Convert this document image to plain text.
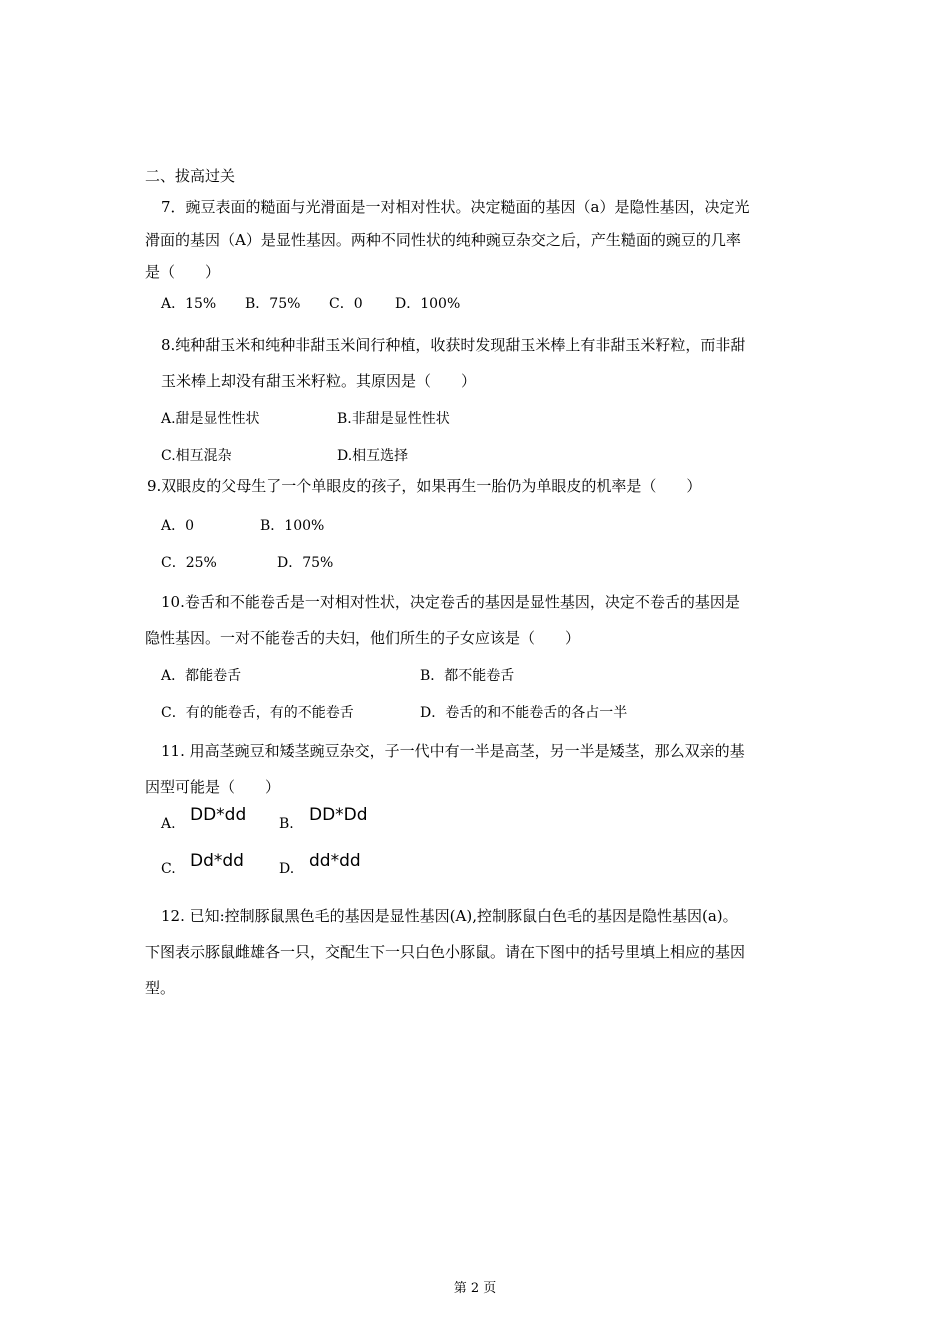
二、拔高过关
7．豌豆表面的糙面与光滑面是一对相对性状。决定糙面的基因（a）是隐性基因，决定光
滑面的基因（A）是显性基因。两种不同性状的纯种豌豆杂交之后，产生糙面的豌豆的几率
是（　　）
A．15% B．75% C．0 D．100%
8.纯种甜玉米和纯种非甜玉米间行种植，收获时发现甜玉米棒上有非甜玉米籽粒，而非甜
玉米棒上却没有甜玉米籽粒。其原因是（　　）
A.甜是显性性状	B.非甜是显性性状
C.相互混杂	D.相互选择
9.双眼皮的父母生了一个单眼皮的孩子，如果再生一胎仍为单眼皮的机率是（　　）
A．0	B．100%
C．25%	D．75%
10.卷舌和不能卷舌是一对相对性状，决定卷舌的基因是显性基因，决定不卷舌的基因是
隐性基因。一对不能卷舌的夫妇，他们所生的子女应该是（　　）
A．都能卷舌	B．都不能卷舌
C．有的能卷舌，有的不能卷舌	D．卷舌的和不能卷舌的各占一半
11. 用高茎豌豆和矮茎豌豆杂交，子一代中有一半是高茎，另一半是矮茎，那么双亲的基
因型可能是（　　）
A. DD*dd B. DD*Dd
C. Dd*dd	D. dd*dd
12. 已知:控制豚鼠黑色毛的基因是显性基因(A),控制豚鼠白色毛的基因是隐性基因(a)。
下图表示豚鼠雌雄各一只，交配生下一只白色小豚鼠。请在下图中的括号里填上相应的基因
型。
第 2 页
